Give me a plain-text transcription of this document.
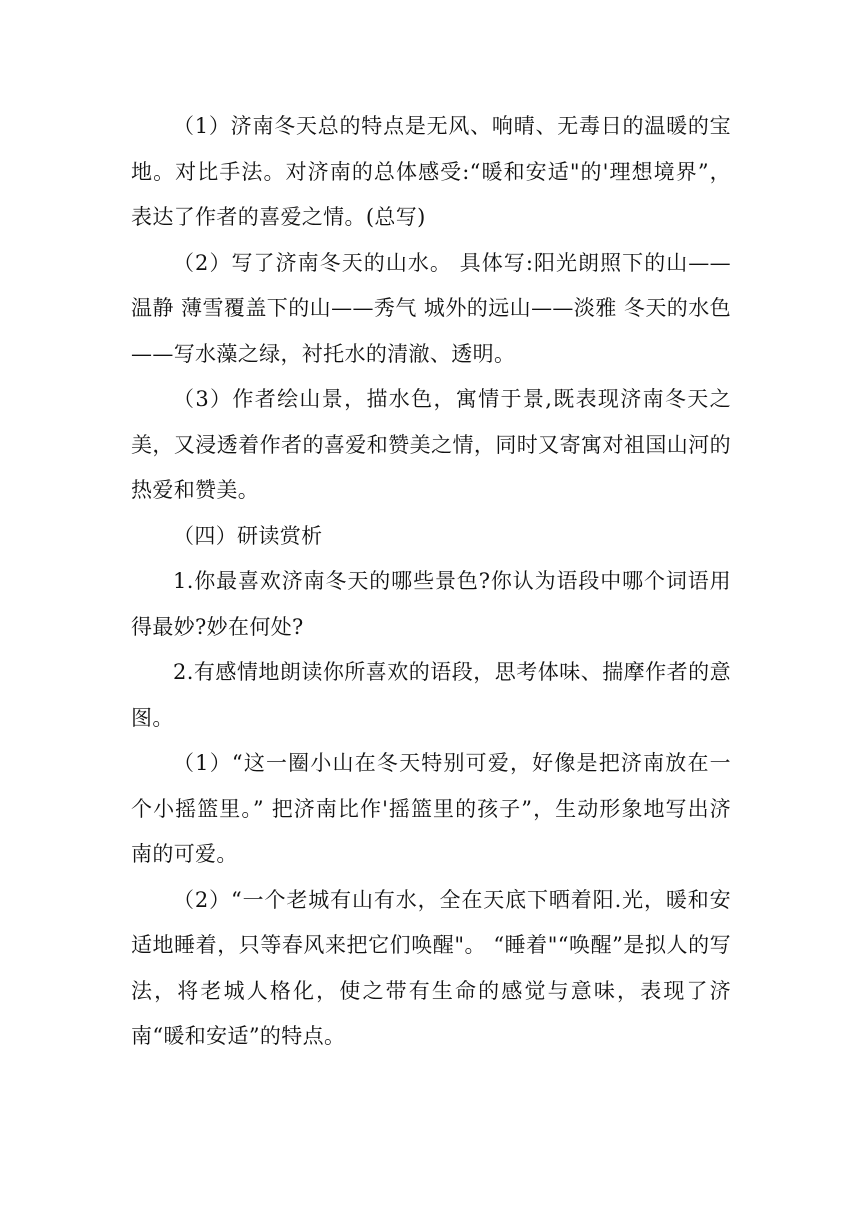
（1）济南冬天总的特点是无风、响晴、无毒日的温暖的宝地。对比手法。对济南的总体感受:“暖和安适"的'理想境界”，表达了作者的喜爱之情。(总写)

（2）写了济南冬天的山水。 具体写:阳光朗照下的山——温静 薄雪覆盖下的山——秀气 城外的远山——淡雅 冬天的水色——写水藻之绿，衬托水的清澈、透明。

（3）作者绘山景，描水色，寓情于景,既表现济南冬天之美，又浸透着作者的喜爱和赞美之情，同时又寄寓对祖国山河的热爱和赞美。

（四）研读赏析

1.你最喜欢济南冬天的哪些景色?你认为语段中哪个词语用得最妙?妙在何处?

2.有感情地朗读你所喜欢的语段，思考体味、揣摩作者的意图。

（1）“这一圈小山在冬天特别可爱，好像是把济南放在一个小摇篮里。” 把济南比作'摇篮里的孩子”，生动形象地写出济南的可爱。

（2）“一个老城有山有水，全在天底下晒着阳.光，暖和安适地睡着，只等春风来把它们唤醒"。 “睡着"“唤醒”是拟人的写法，将老城人格化，使之带有生命的感觉与意味，表现了济南“暖和安适”的特点。
